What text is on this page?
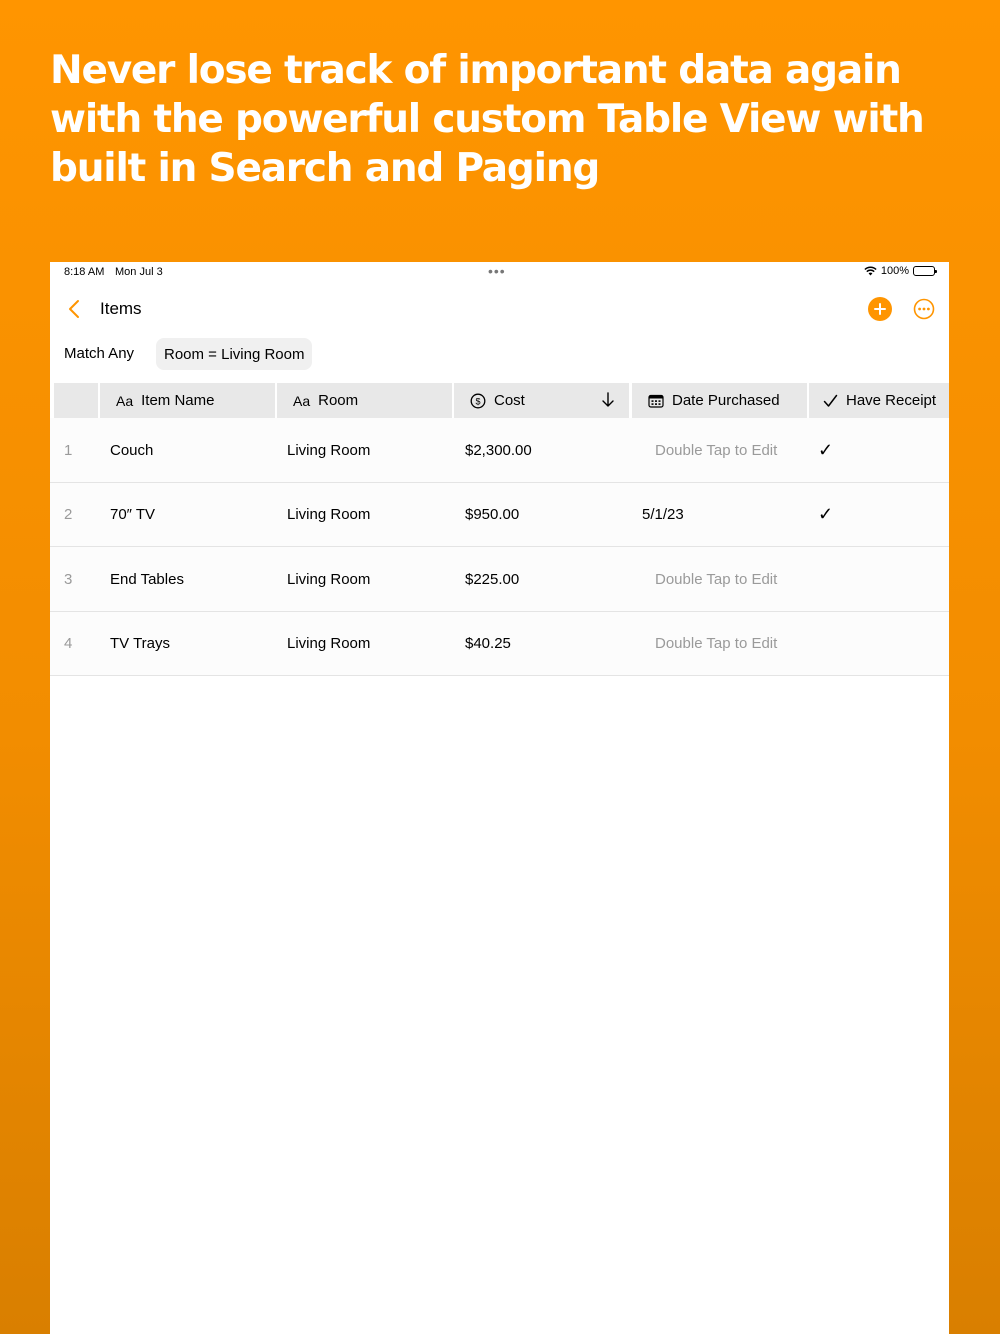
Never lose track of important data again with the powerful custom Table View with built in Search and Paging
8:18 AM Mon Jul 3	•••	100%
Items
Match Any	Room = Living Room
Aa Item Name	Aa Room	$ Cost	Date Purchased	Have Receipt
1	Couch	Living Room	$2,300.00	Double Tap to Edit ✓
2	70″ TV	Living Room	$950.00	5/1/23	✓
3	End Tables	Living Room	$225.00	Double Tap to Edit
4	TV Trays	Living Room	$40.25	Double Tap to Edit
